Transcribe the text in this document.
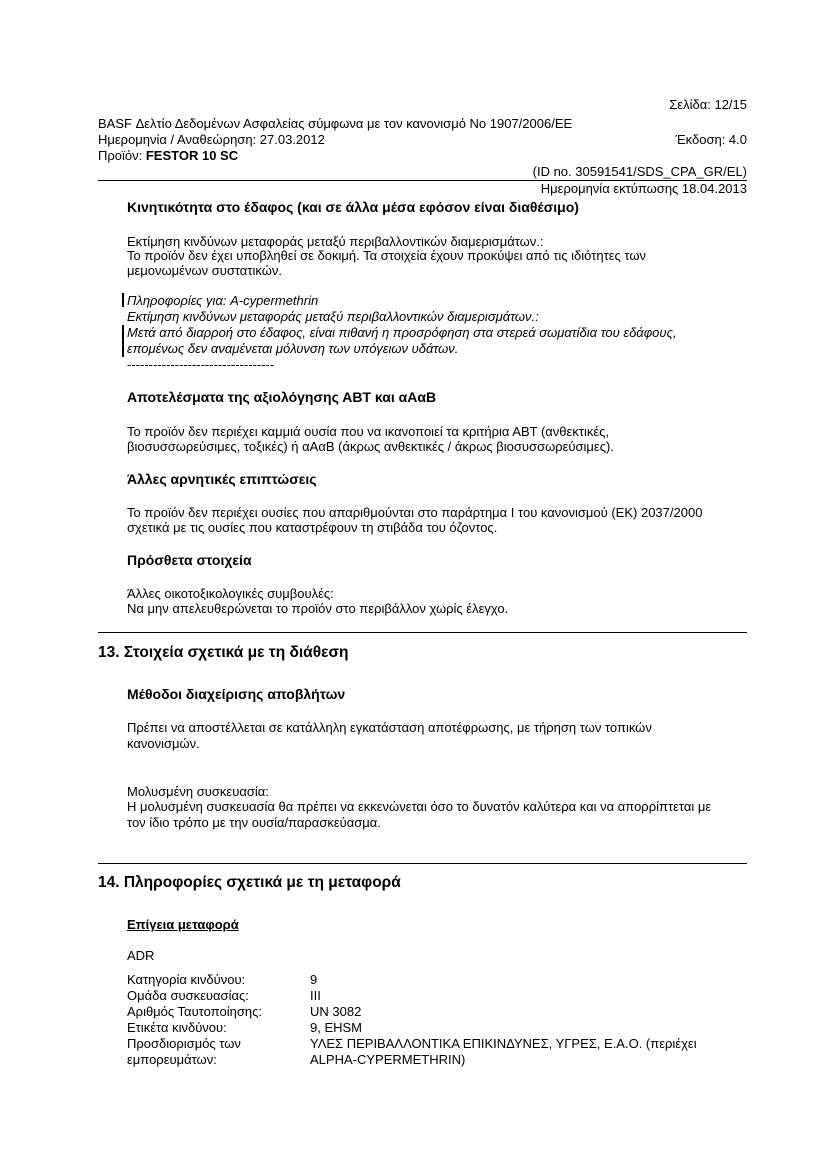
Σελίδα: 12/15
BASF Δελτίο Δεδομένων Ασφαλείας σύμφωνα με τον κανονισμό Νο 1907/2006/ΕΕ
Ημερομηνία / Αναθεώρηση: 27.03.2012	Έκδοση: 4.0
Προϊόν: FESTOR 10 SC
(ID no. 30591541/SDS_CPA_GR/EL)
Ημερομηνία εκτύπωσης 18.04.2013
Κινητικότητα στο έδαφος (και σε άλλα μέσα εφόσον είναι διαθέσιμο)
Εκτίμηση κινδύνων μεταφοράς μεταξύ περιβαλλοντικών διαμερισμάτων.:
Το προϊόν δεν έχει υποβληθεί σε δοκιμή. Τα στοιχεία έχουν προκύψει από τις ιδιότητες των
μεμονωμένων συστατικών.
Πληροφορίες για: A-cypermethrin
Εκτίμηση κινδύνων μεταφοράς μεταξύ περιβαλλοντικών διαμερισμάτων.:
Μετά από διαρροή στο έδαφος, είναι πιθανή η προσρόφηση στα στερεά σωματίδια του εδάφους,
επομένως δεν αναμένεται μόλυνση των υπόγειων υδάτων.
----------------------------------
Αποτελέσματα της αξιολόγησης ΑΒΤ και αΑαΒ
Το προϊόν δεν περιέχει καμμιά ουσία που να ικανοποιεί τα κριτήρια ΑΒΤ (ανθεκτικές,
βιοσυσσωρεύσιμες, τοξικές) ή αΑαΒ (άκρως ανθεκτικές / άκρως βιοσυσσωρεύσιμες).
Άλλες αρνητικές επιπτώσεις
Το προϊόν δεν περιέχει ουσίες που απαριθμούνται στο παράρτημα I του κανονισμού (ΕΚ) 2037/2000
σχετικά με τις ουσίες που καταστρέφουν τη στιβάδα του όζοντος.
Πρόσθετα στοιχεία
Άλλες οικοτοξικολογικές συμβουλές:
Να μην απελευθερώνεται το προϊόν στο περιβάλλον χωρίς έλεγχο.
13. Στοιχεία σχετικά με τη διάθεση
Μέθοδοι διαχείρισης αποβλήτων
Πρέπει να αποστέλλεται σε κατάλληλη εγκατάσταση αποτέφρωσης, με τήρηση των τοπικών
κανονισμών.
Μολυσμένη συσκευασία:
Η μολυσμένη συσκευασία θα πρέπει να εκκενώνεται όσο το δυνατόν καλύτερα και να απορρίπτεται με
τον ίδιο τρόπο με την ουσία/παρασκεύασμα.
14. Πληροφορίες σχετικά με τη μεταφορά
Επίγεια μεταφορά
ADR
Κατηγορία κινδύνου:	9
Ομάδα συσκευασίας:	III
Αριθμός Ταυτοποίησης:	UN 3082
Ετικέτα κινδύνου:	9, EHSM
Προσδιορισμός των	ΥΛΕΣ ΠΕΡΙΒΑΛΛΟΝΤΙΚΑ ΕΠΙΚΙΝΔΥΝΕΣ, ΥΓΡΕΣ, Ε.Α.Ο. (περιέχει
εμπορευμάτων:	ALPHA-CYPERMETHRIN)
